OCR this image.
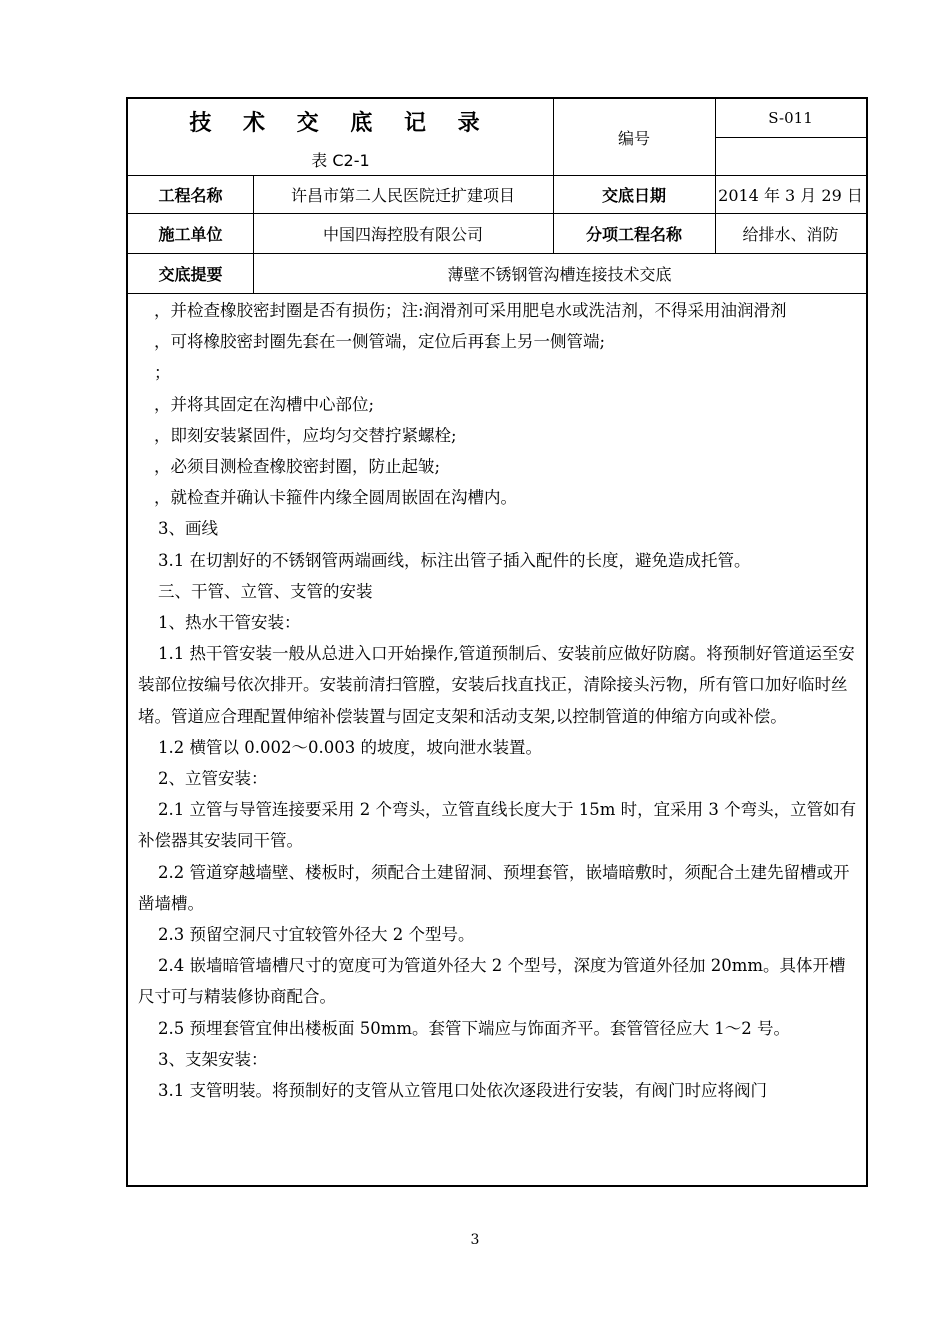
技 术 交 底 记 录
表 C2-1
编号
S-011
工程名称	许昌市第二人民医院迁扩建项目	交底日期	2014 年 3 月 29 日
施工单位	中国四海控股有限公司	分项工程名称	给排水、消防
交底提要	薄壁不锈钢管沟槽连接技术交底

，并检查橡胶密封圈是否有损伤；注:润滑剂可采用肥皂水或洗洁剂，不得采用油润滑剂

，可将橡胶密封圈先套在一侧管端，定位后再套上另一侧管端;

；

，并将其固定在沟槽中心部位;

，即刻安装紧固件，应均匀交替拧紧螺栓;

，必须目测检查橡胶密封圈，防止起皱;

，就检查并确认卡箍件内缘全圆周嵌固在沟槽内。

3、画线

3.1 在切割好的不锈钢管两端画线，标注出管子插入配件的长度，避免造成托管。

三、干管、立管、支管的安装

1、热水干管安装：

1.1 热干管安装一般从总进入口开始操作,管道预制后、安装前应做好防腐。将预制好管道运至安装部位按编号依次排开。安装前清扫管膛，安装后找直找正，清除接头污物，所有管口加好临时丝堵。管道应合理配置伸缩补偿装置与固定支架和活动支架,以控制管道的伸缩方向或补偿。

1.2 横管以 0.002～0.003 的坡度，坡向泄水装置。

2、立管安装：

2.1 立管与导管连接要采用 2 个弯头，立管直线长度大于 15m 时，宜采用 3 个弯头，立管如有补偿器其安装同干管。

2.2 管道穿越墙壁、楼板时，须配合土建留洞、预埋套管，嵌墙暗敷时，须配合土建先留槽或开凿墙槽。

2.3 预留空洞尺寸宜较管外径大 2 个型号。

2.4 嵌墙暗管墙槽尺寸的宽度可为管道外径大 2 个型号，深度为管道外径加 20mm。具体开槽尺寸可与精装修协商配合。

2.5 预埋套管宜伸出楼板面 50mm。套管下端应与饰面齐平。套管管径应大 1～2 号。

3、支架安装：

3.1 支管明装。将预制好的支管从立管甩口处依次逐段进行安装，有阀门时应将阀门

3
